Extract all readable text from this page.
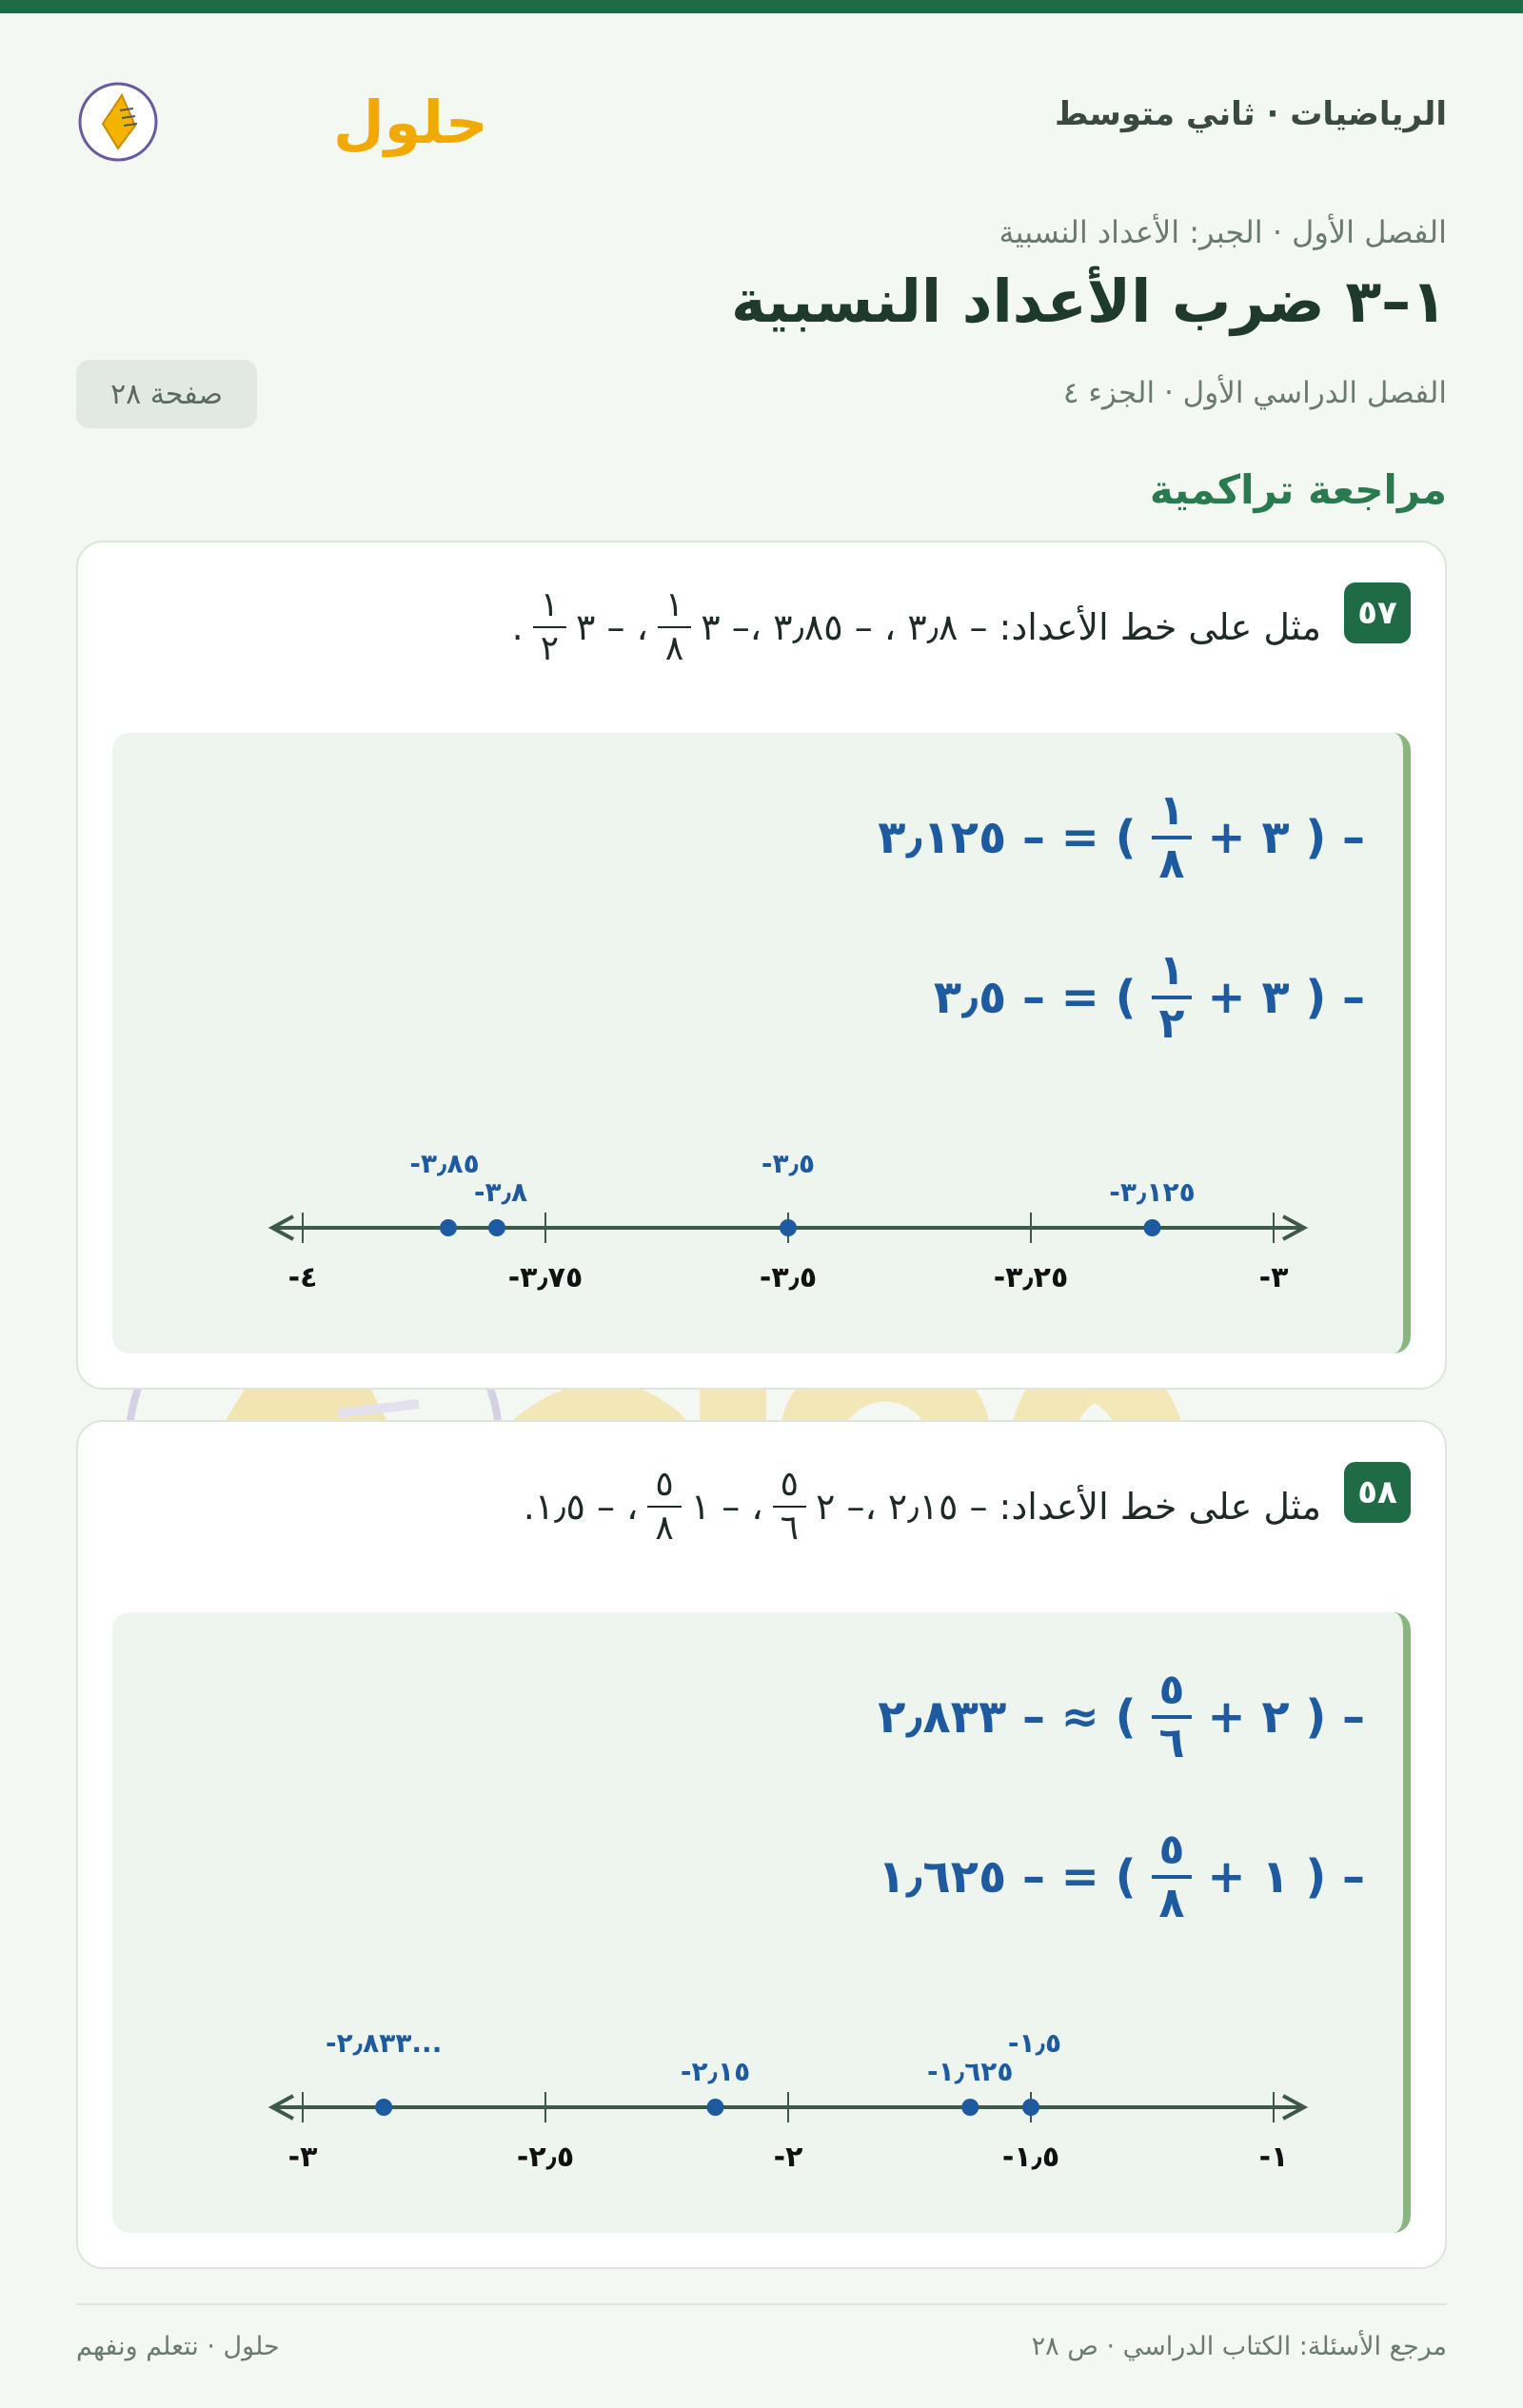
الرياضيات · ثاني متوسط
حلول
الفصل الأول · الجبر: الأعداد النسبية
١–٣ ضرب الأعداد النسبية
الفصل الدراسي الأول · الجزء ٤
صفحة ٢٨
مراجعة تراكمية
٥٧
مثل على خط الأعداد: – ٣٫٨ ، – ٣٫٨٥ ،– ٣
$\frac{١}{٨}$
، – ٣
$\frac{١}{٢}$
.
– ( ٣ +
$\frac{١}{٨}$
) = – ٣٫١٢٥
– ( ٣ +
$\frac{١}{٢}$
) = – ٣٫٥
-٤	-٣٫٧٥	-٣٫٥	-٣٫٢٥	-٣
-٣٫٨٥
-٣٫٨
-٣٫٥
-٣٫١٢٥
٥٨
مثل على خط الأعداد: – ٢٫١٥ ،– ٢
$\frac{٥}{٦}$
، – ١
$\frac{٥}{٨}$
، – ١٫٥.
– ( ٢ +
$\frac{٥}{٦}$
) ≈ – ٢٫٨٣٣
– ( ١ +
$\frac{٥}{٨}$
) = – ١٫٦٢٥
-٣	-٢٫٥	-٢	-١٫٥	-١
-٢٫٨٣٣...
-٢٫١٥	-١٫٦٢٥
-١٫٥
مرجع الأسئلة: الكتاب الدراسي · ص ٢٨
حلول · نتعلم ونفهم
